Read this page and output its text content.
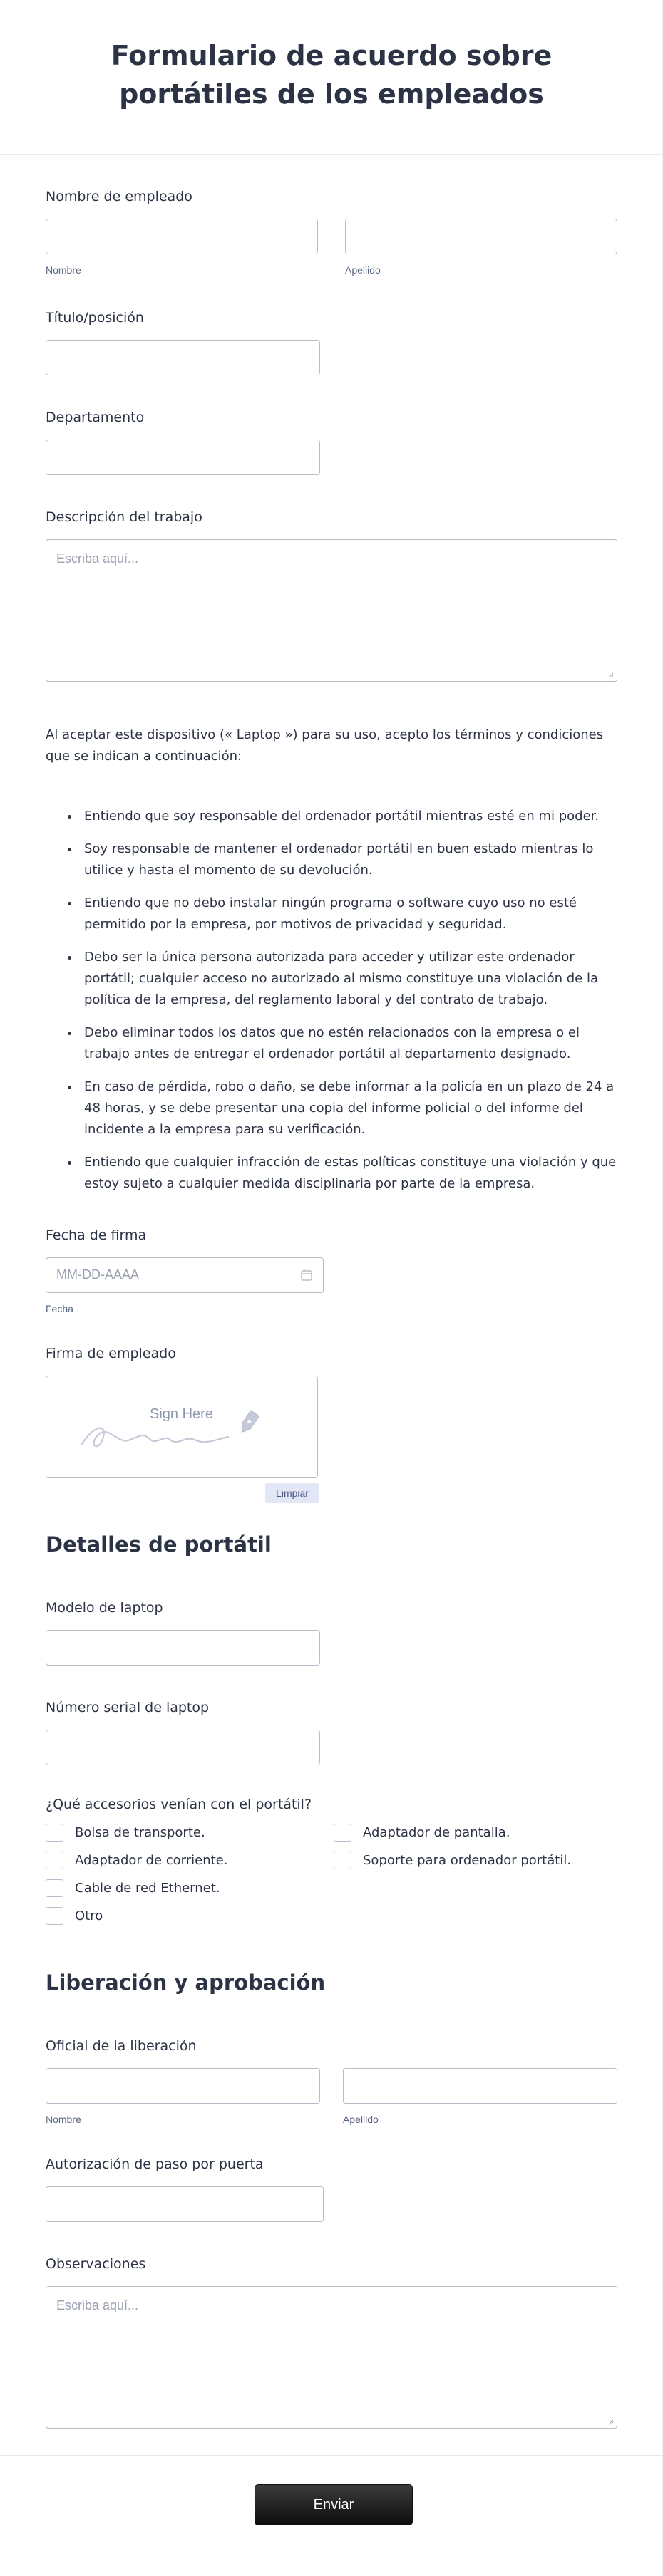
Formulario de acuerdo sobre portátiles de los empleados
Nombre de empleado
Nombre	Apellido
Título/posición
Departamento
Descripción del trabajo
Escriba aquí...

Al aceptar este dispositivo (« Laptop ») para su uso, acepto los términos y condiciones que se indican a continuación:

• Entiendo que soy responsable del ordenador portátil mientras esté en mi poder.
• Soy responsable de mantener el ordenador portátil en buen estado mientras lo utilice y hasta el momento de su devolución.
• Entiendo que no debo instalar ningún programa o software cuyo uso no esté permitido por la empresa, por motivos de privacidad y seguridad.
• Debo ser la única persona autorizada para acceder y utilizar este ordenador portátil; cualquier acceso no autorizado al mismo constituye una violación de la política de la empresa, del reglamento laboral y del contrato de trabajo.
• Debo eliminar todos los datos que no estén relacionados con la empresa o el trabajo antes de entregar el ordenador portátil al departamento designado.
• En caso de pérdida, robo o daño, se debe informar a la policía en un plazo de 24 a 48 horas, y se debe presentar una copia del informe policial o del informe del incidente a la empresa para su verificación.
• Entiendo que cualquier infracción de estas políticas constituye una violación y que estoy sujeto a cualquier medida disciplinaria por parte de la empresa.
Fecha de firma
MM-DD-AAAA
Fecha
Firma de empleado
Sign Here
Limpiar
Detalles de portátil
Modelo de laptop
Número serial de laptop
¿Qué accesorios venían con el portátil?
Bolsa de transporte.	Adaptador de pantalla.
Adaptador de corriente.	Soporte para ordenador portátil.
Cable de red Ethernet.
Otro
Liberación y aprobación
Oficial de la liberación
Nombre	Apellido
Autorización de paso por puerta
Observaciones
Escriba aquí...
Enviar
